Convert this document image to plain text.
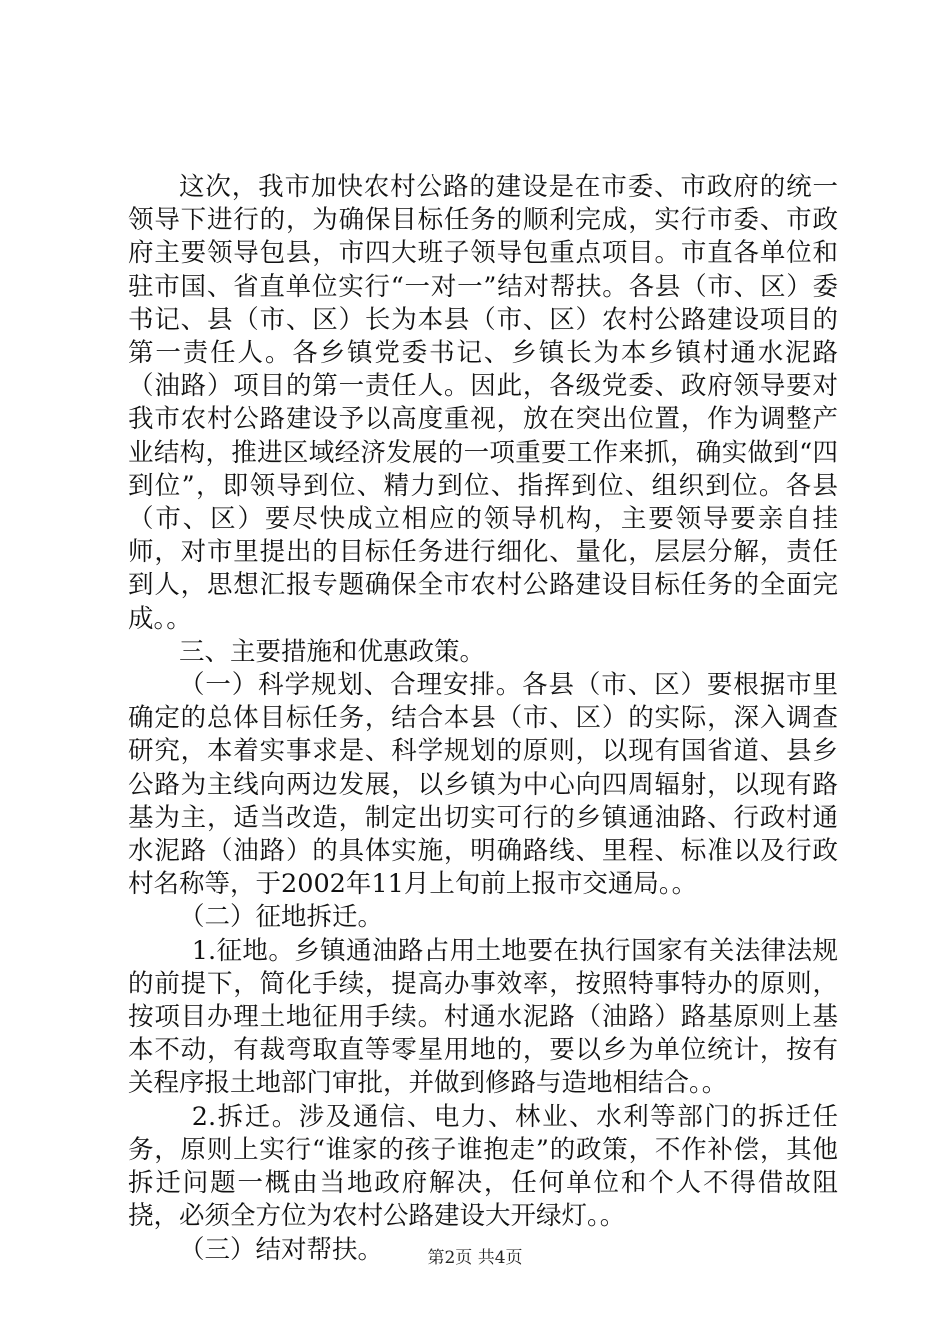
这次，我市加快农村公路的建设是在市委、市政府的统一领导下进行的，为确保目标任务的顺利完成，实行市委、市政府主要领导包县，市四大班子领导包重点项目。市直各单位和驻市国、省直单位实行“一对一”结对帮扶。各县（市、区）委书记、县（市、区）长为本县（市、区）农村公路建设项目的第一责任人。各乡镇党委书记、乡镇长为本乡镇村通水泥路（油路）项目的第一责任人。因此，各级党委、政府领导要对我市农村公路建设予以高度重视，放在突出位置，作为调整产业结构，推进区域经济发展的一项重要工作来抓，确实做到“四到位”，即领导到位、精力到位、指挥到位、组织到位。各县（市、区）要尽快成立相应的领导机构，主要领导要亲自挂师，对市里提出的目标任务进行细化、量化，层层分解，责任到人，思想汇报专题确保全市农村公路建设目标任务的全面完成。。

三、主要措施和优惠政策。

（一）科学规划、合理安排。各县（市、区）要根据市里确定的总体目标任务，结合本县（市、区）的实际，深入调查研究，本着实事求是、科学规划的原则，以现有国省道、县乡公路为主线向两边发展，以乡镇为中心向四周辐射，以现有路基为主，适当改造，制定出切实可行的乡镇通油路、行政村通水泥路（油路）的具体实施，明确路线、里程、标准以及行政村名称等，于2002年11月上旬前上报市交通局。。

（二）征地拆迁。

1.征地。乡镇通油路占用土地要在执行国家有关法律法规的前提下，简化手续，提高办事效率，按照特事特办的原则，按项目办理土地征用手续。村通水泥路（油路）路基原则上基本不动，有裁弯取直等零星用地的，要以乡为单位统计，按有关程序报土地部门审批，并做到修路与造地相结合。。

2.拆迁。涉及通信、电力、林业、水利等部门的拆迁任务，原则上实行“谁家的孩子谁抱走”的政策，不作补偿，其他拆迁问题一概由当地政府解决，任何单位和个人不得借故阻挠，必须全方位为农村公路建设大开绿灯。。

（三）结对帮扶。	第2页 共4页
